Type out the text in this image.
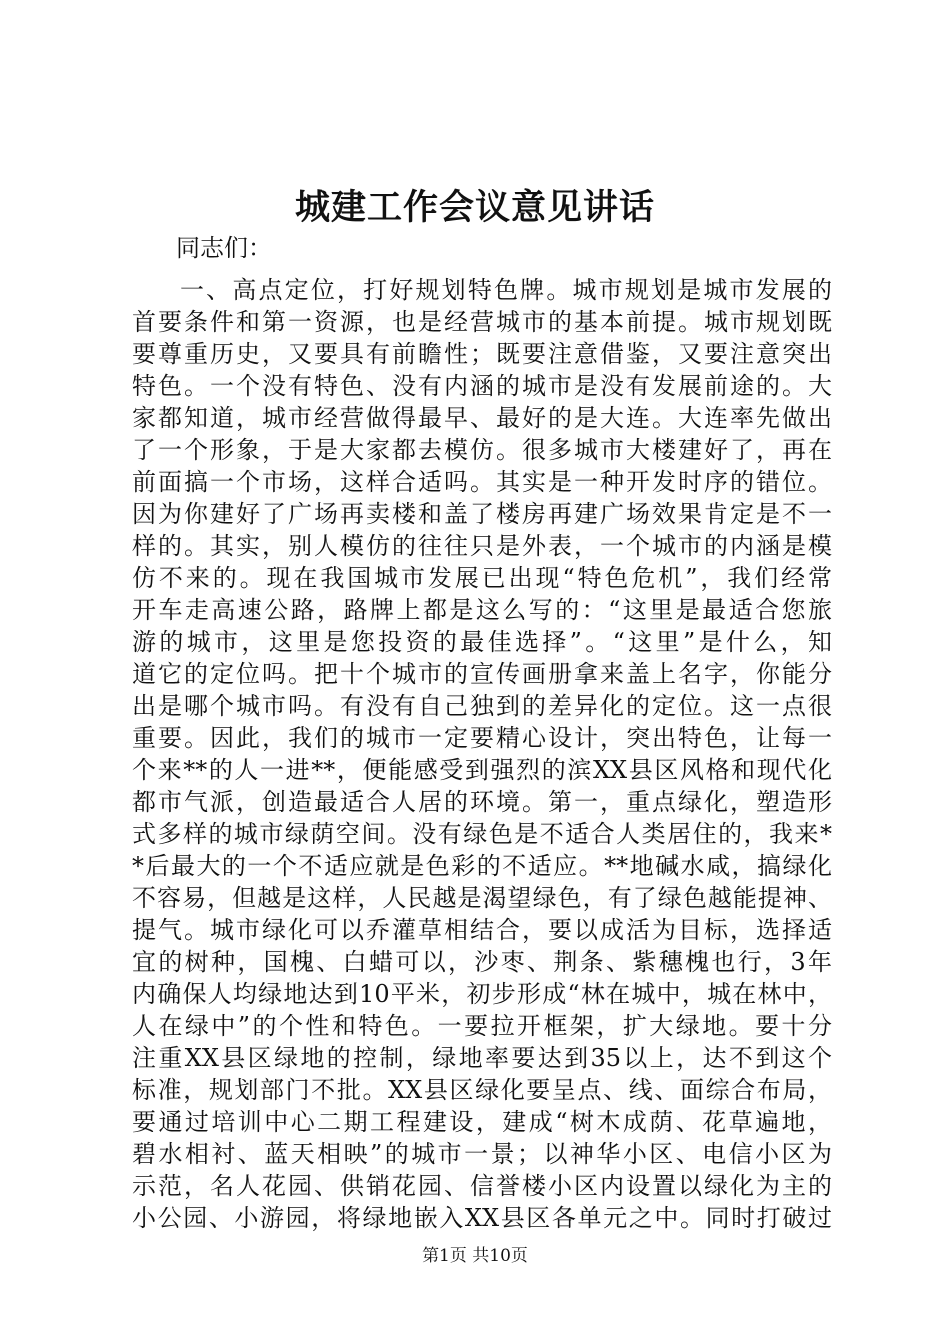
城建工作会议意见讲话
同志们：
一、高点定位，打好规划特色牌。城市规划是城市发展的
首要条件和第一资源，也是经营城市的基本前提。城市规划既
要尊重历史，又要具有前瞻性；既要注意借鉴，又要注意突出
特色。一个没有特色、没有内涵的城市是没有发展前途的。大
家都知道，城市经营做得最早、最好的是大连。大连率先做出
了一个形象，于是大家都去模仿。很多城市大楼建好了，再在
前面搞一个市场，这样合适吗。其实是一种开发时序的错位。
因为你建好了广场再卖楼和盖了楼房再建广场效果肯定是不一
样的。其实，别人模仿的往往只是外表，一个城市的内涵是模
仿不来的。现在我国城市发展已出现“特色危机”，我们经常
开车走高速公路，路牌上都是这么写的：“这里是最适合您旅
游的城市，这里是您投资的最佳选择”。“这里”是什么，知
道它的定位吗。把十个城市的宣传画册拿来盖上名字，你能分
出是哪个城市吗。有没有自己独到的差异化的定位。这一点很
重要。因此，我们的城市一定要精心设计，突出特色，让每一
个来**的人一进**，便能感受到强烈的滨XX县区风格和现代化
都市气派，创造最适合人居的环境。第一，重点绿化，塑造形
式多样的城市绿荫空间。没有绿色是不适合人类居住的，我来*
*后最大的一个不适应就是色彩的不适应。**地碱水咸，搞绿化
不容易，但越是这样，人民越是渴望绿色，有了绿色越能提神、
提气。城市绿化可以乔灌草相结合，要以成活为目标，选择适
宜的树种，国槐、白蜡可以，沙枣、荆条、紫穗槐也行，3年
内确保人均绿地达到10平米，初步形成“林在城中，城在林中，
人在绿中”的个性和特色。一要拉开框架，扩大绿地。要十分
注重XX县区绿地的控制，绿地率要达到35以上，达不到这个
标准，规划部门不批。XX县区绿化要呈点、线、面综合布局，
要通过培训中心二期工程建设，建成“树木成荫、花草遍地，
碧水相衬、蓝天相映”的城市一景；以神华小区、电信小区为
示范，名人花园、供销花园、信誉楼小区内设置以绿化为主的
小公园、小游园，将绿地嵌入XX县区各单元之中。同时打破过
第1页 共10页
